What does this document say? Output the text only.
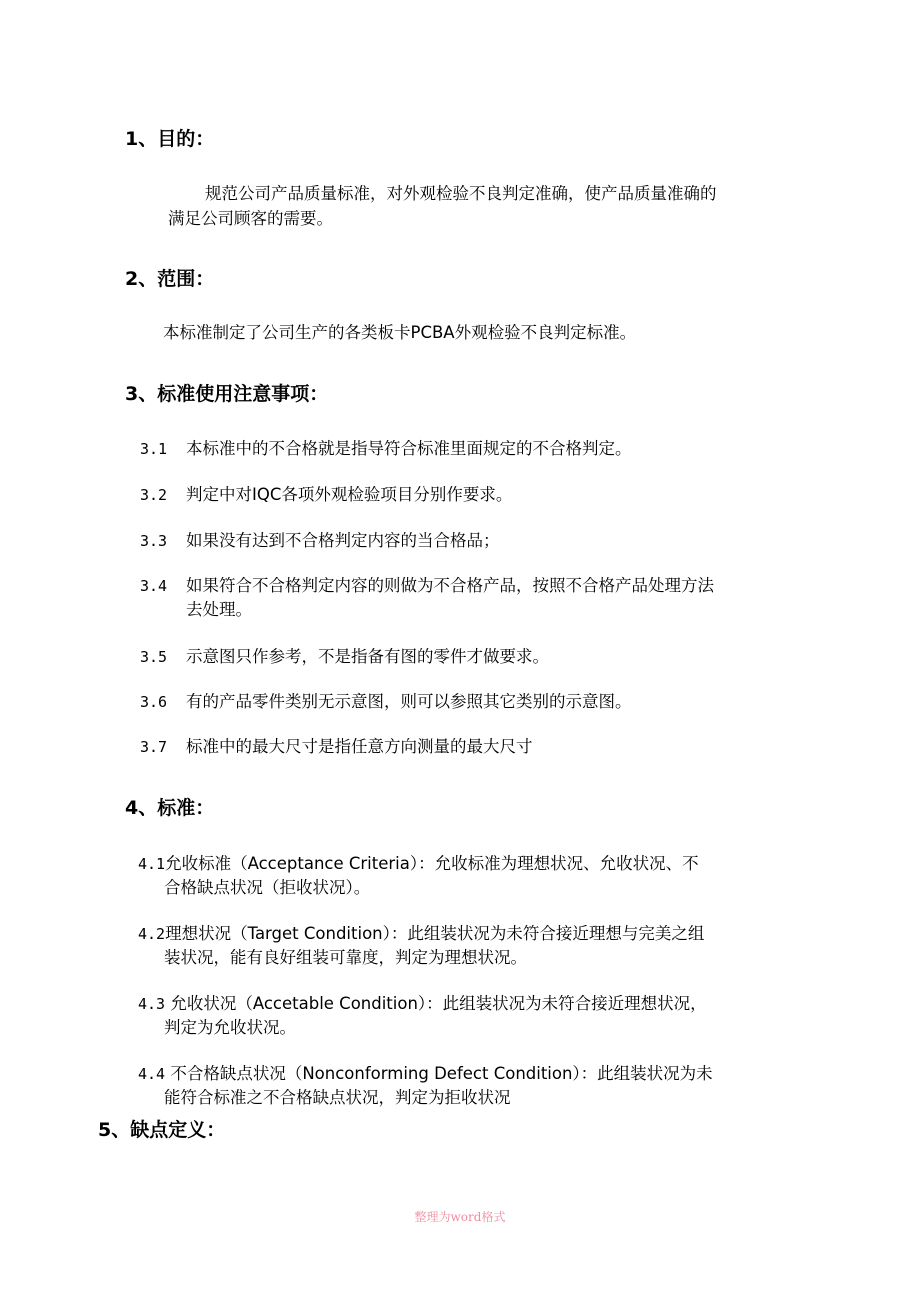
1、目的：
规范公司产品质量标准，对外观检验不良判定准确，使产品质量准确的
满足公司顾客的需要。
2、范围：
本标准制定了公司生产的各类板卡PCBA外观检验不良判定标准。
3、标准使用注意事项：
3.1 本标准中的不合格就是指导符合标准里面规定的不合格判定。
3.2 判定中对IQC各项外观检验项目分别作要求。
3.3 如果没有达到不合格判定内容的当合格品；
3.4 如果符合不合格判定内容的则做为不合格产品，按照不合格产品处理方法
去处理。
3.5 示意图只作参考，不是指备有图的零件才做要求。
3.6 有的产品零件类别无示意图，则可以参照其它类别的示意图。
3.7 标准中的最大尺寸是指任意方向测量的最大尺寸
4、标准：
4.1允收标准（Acceptance Criteria）：允收标准为理想状况、允收状况、不
合格缺点状况（拒收状况）。
4.2理想状况（Target Condition）：此组装状况为未符合接近理想与完美之组
装状况，能有良好组装可靠度，判定为理想状况。
4.3 允收状况（Accetable Condition）：此组装状况为未符合接近理想状况，
判定为允收状况。
4.4 不合格缺点状况（Nonconforming Defect Condition）：此组装状况为未
能符合标准之不合格缺点状况，判定为拒收状况
5、缺点定义：
整理为word格式
